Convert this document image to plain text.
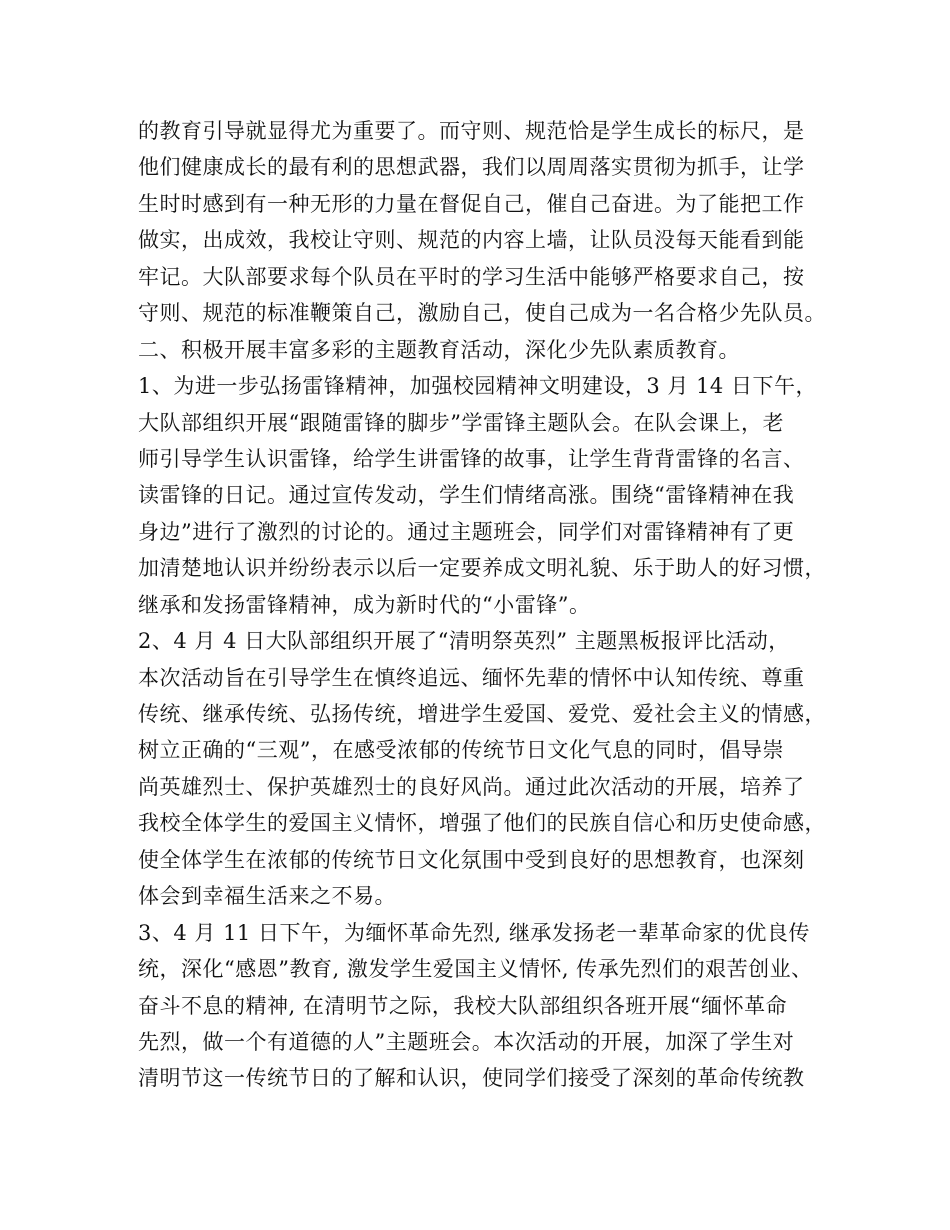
的教育引导就显得尤为重要了。而守则、规范恰是学生成长的标尺，是
他们健康成长的最有利的思想武器，我们以周周落实贯彻为抓手，让学
生时时感到有一种无形的力量在督促自己，催自己奋进。为了能把工作
做实，出成效，我校让守则、规范的内容上墙，让队员没每天能看到能
牢记。大队部要求每个队员在平时的学习生活中能够严格要求自己，按
守则、规范的标准鞭策自己，激励自己，使自己成为一名合格少先队员。
二、积极开展丰富多彩的主题教育活动，深化少先队素质教育。
1、为进一步弘扬雷锋精神，加强校园精神文明建设，3 月 14 日下午，
大队部组织开展“跟随雷锋的脚步”学雷锋主题队会。在队会课上，老
师引导学生认识雷锋，给学生讲雷锋的故事，让学生背背雷锋的名言、
读雷锋的日记。通过宣传发动，学生们情绪高涨。围绕“雷锋精神在我
身边”进行了激烈的讨论的。通过主题班会，同学们对雷锋精神有了更
加清楚地认识并纷纷表示以后一定要养成文明礼貌、乐于助人的好习惯，
继承和发扬雷锋精神，成为新时代的“小雷锋”。
2、4 月 4 日大队部组织开展了“清明祭英烈” 主题黑板报评比活动，
本次活动旨在引导学生在慎终追远、缅怀先辈的情怀中认知传统、尊重
传统、继承传统、弘扬传统，增进学生爱国、爱党、爱社会主义的情感，
树立正确的“三观”，在感受浓郁的传统节日文化气息的同时，倡导崇
尚英雄烈士、保护英雄烈士的良好风尚。通过此次活动的开展，培养了
我校全体学生的爱国主义情怀，增强了他们的民族自信心和历史使命感，
使全体学生在浓郁的传统节日文化氛围中受到良好的思想教育，也深刻
体会到幸福生活来之不易。
3、4 月 11 日下午，为缅怀革命先烈, 继承发扬老一辈革命家的优良传
统，深化“感恩”教育, 激发学生爱国主义情怀, 传承先烈们的艰苦创业、
奋斗不息的精神, 在清明节之际，我校大队部组织各班开展“缅怀革命
先烈，做一个有道德的人”主题班会。本次活动的开展，加深了学生对
清明节这一传统节日的了解和认识，使同学们接受了深刻的革命传统教
